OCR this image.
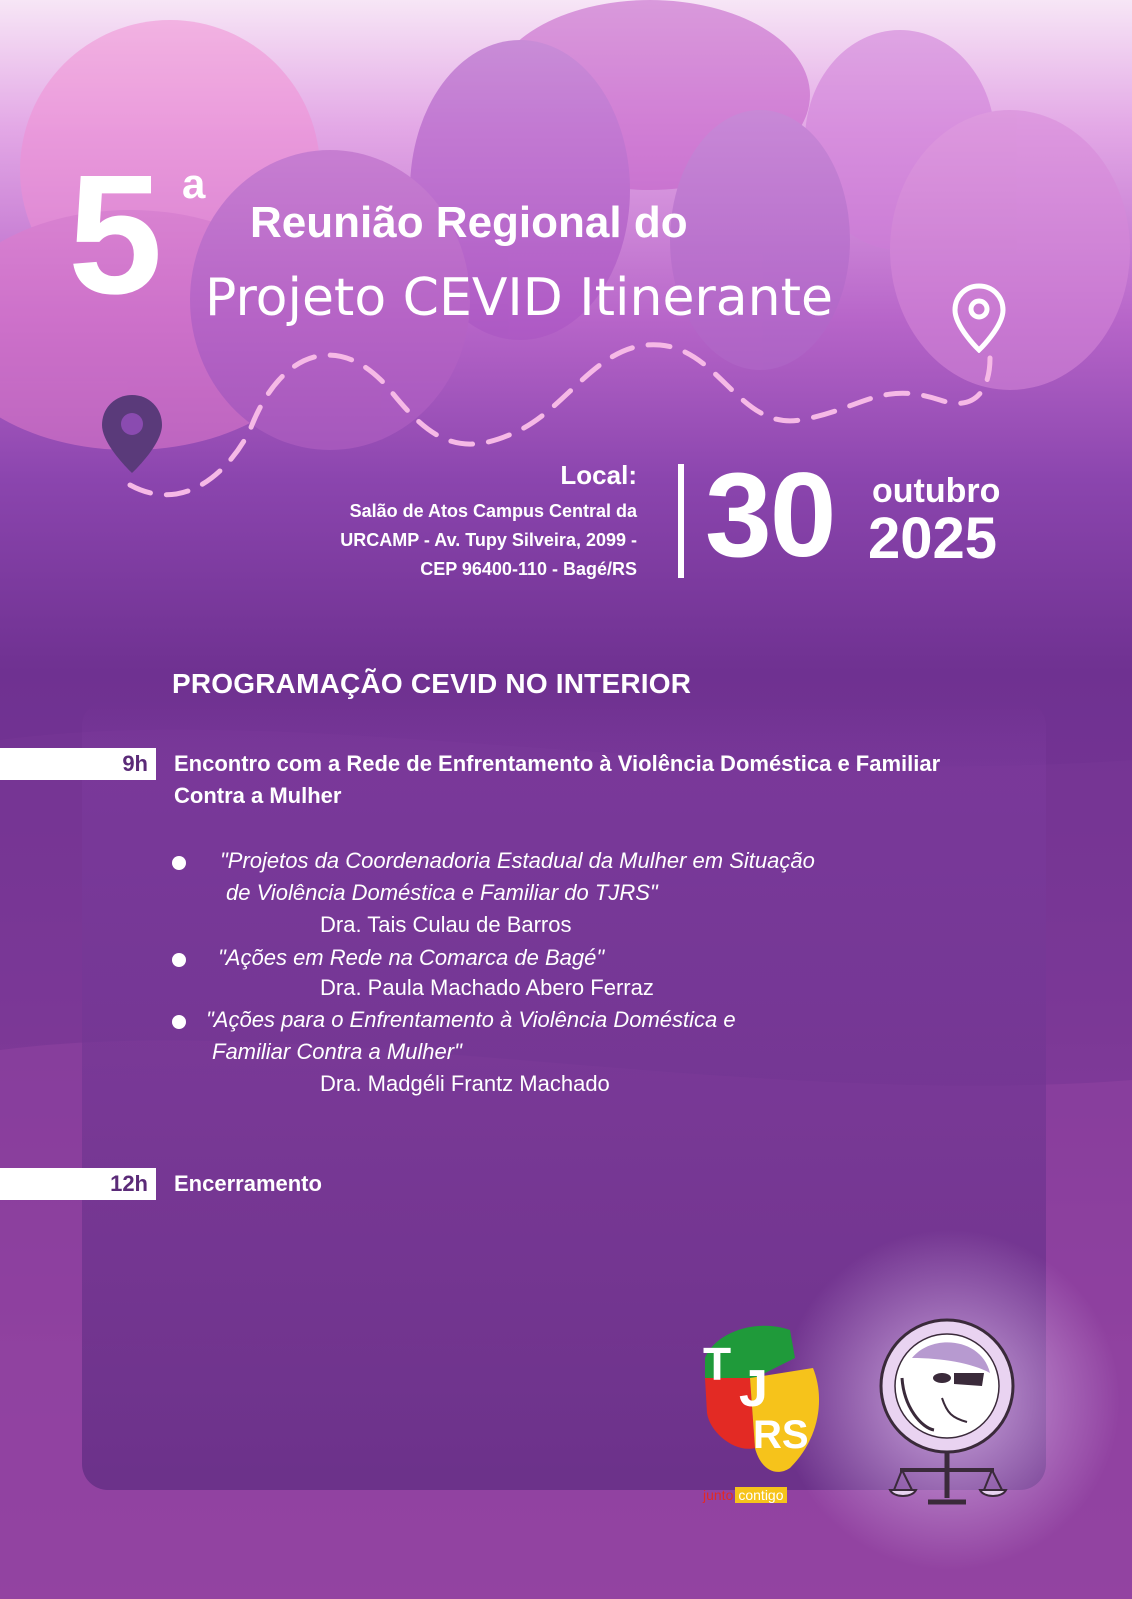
5 a
Reunião Regional do
Projeto CEVID Itinerante
Local:
Salão de Atos Campus Central da
URCAMP - Av. Tupy Silveira, 2099 -
CEP 96400-110 - Bagé/RS 30 outubro
2025
PROGRAMAÇÃO CEVID NO INTERIOR
9h	Encontro com a Rede de Enfrentamento à Violência Doméstica e Familiar Contra a Mulher
"Projetos da Coordenadoria Estadual da Mulher em Situação
de Violência Doméstica e Familiar do TJRS"
Dra. Tais Culau de Barros
"Ações em Rede na Comarca de Bagé"
Dra. Paula Machado Abero Ferraz
"Ações para o Enfrentamento à Violência Doméstica e
Familiar Contra a Mulher"
Dra. Madgéli Frantz Machado
12h	Encerramento
T J
RS
junto contigo
